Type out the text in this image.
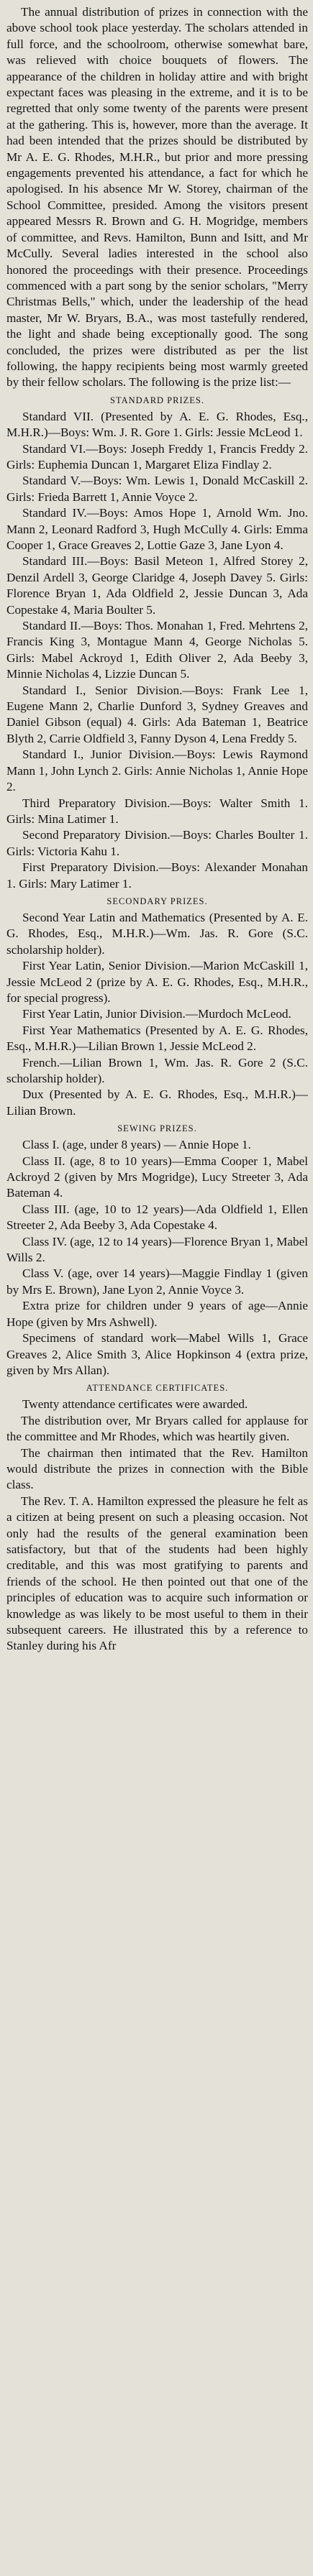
The annual distribution of prizes in connection with the above school took place yesterday. The scholars attended in full force, and the schoolroom, otherwise somewhat bare, was relieved with choice bouquets of flowers. The appearance of the children in holiday attire and with bright expectant faces was pleasing in the extreme, and it is to be regretted that only some twenty of the parents were present at the gathering. This is, however, more than the average. It had been intended that the prizes should be distributed by Mr A. E. G. Rhodes, M.H.R., but prior and more pressing engagements prevented his attendance, a fact for which he apologised. In his absence Mr W. Storey, chairman of the School Committee, presided. Among the visitors present appeared Messrs R. Brown and G. H. Mogridge, members of committee, and Revs. Hamilton, Bunn and Isitt, and Mr McCully. Several ladies interested in the school also honored the proceedings with their presence. Proceedings commenced with a part song by the senior scholars, "Merry Christmas Bells," which, under the leadership of the head master, Mr W. Bryars, B.A., was most tastefully rendered, the light and shade being exceptionally good. The song concluded, the prizes were distributed as per the list following, the happy recipients being most warmly greeted by their fellow scholars. The following is the prize list:—

STANDARD PRIZES.

Standard VII. (Presented by A. E. G. Rhodes, Esq., M.H.R.)—Boys: Wm. J. R. Gore 1. Girls: Jessie McLeod 1.

Standard VI.—Boys: Joseph Freddy 1, Francis Freddy 2. Girls: Euphemia Duncan 1, Margaret Eliza Findlay 2.

Standard V.—Boys: Wm. Lewis 1, Donald McCaskill 2. Girls: Frieda Barrett 1, Annie Voyce 2.

Standard IV.—Boys: Amos Hope 1, Arnold Wm. Jno. Mann 2, Leonard Radford 3, Hugh McCully 4. Girls: Emma Cooper 1, Grace Greaves 2, Lottie Gaze 3, Jane Lyon 4.

Standard III.—Boys: Basil Meteon 1, Alfred Storey 2, Denzil Ardell 3, George Claridge 4, Joseph Davey 5. Girls: Florence Bryan 1, Ada Oldfield 2, Jessie Duncan 3, Ada Copestake 4, Maria Boulter 5.

Standard II.—Boys: Thos. Monahan 1, Fred. Mehrtens 2, Francis King 3, Montague Mann 4, George Nicholas 5. Girls: Mabel Ackroyd 1, Edith Oliver 2, Ada Beeby 3, Minnie Nicholas 4, Lizzie Duncan 5.

Standard I., Senior Division.—Boys: Frank Lee 1, Eugene Mann 2, Charlie Dunford 3, Sydney Greaves and Daniel Gibson (equal) 4. Girls: Ada Bateman 1, Beatrice Blyth 2, Carrie Oldfield 3, Fanny Dyson 4, Lena Freddy 5.

Standard I., Junior Division.—Boys: Lewis Raymond Mann 1, John Lynch 2. Girls: Annie Nicholas 1, Annie Hope 2.

Third Preparatory Division.—Boys: Walter Smith 1. Girls: Mina Latimer 1.

Second Preparatory Division.—Boys: Charles Boulter 1. Girls: Victoria Kahu 1.

First Preparatory Division.—Boys: Alexander Monahan 1. Girls: Mary Latimer 1.

SECONDARY PRIZES.

Second Year Latin and Mathematics (Presented by A. E. G. Rhodes, Esq., M.H.R.)—Wm. Jas. R. Gore (S.C. scholarship holder).

First Year Latin, Senior Division.—Marion McCaskill 1, Jessie McLeod 2 (prize by A. E. G. Rhodes, Esq., M.H.R., for special progress).

First Year Latin, Junior Division.—Murdoch McLeod.

First Year Mathematics (Presented by A. E. G. Rhodes, Esq., M.H.R.)—Lilian Brown 1, Jessie McLeod 2.

French.—Lilian Brown 1, Wm. Jas. R. Gore 2 (S.C. scholarship holder).

Dux (Presented by A. E. G. Rhodes, Esq., M.H.R.)—Lilian Brown.

SEWING PRIZES.

Class I. (age, under 8 years) — Annie Hope 1.

Class II. (age, 8 to 10 years)—Emma Cooper 1, Mabel Ackroyd 2 (given by Mrs Mogridge), Lucy Streeter 3, Ada Bateman 4.

Class III. (age, 10 to 12 years)—Ada Oldfield 1, Ellen Streeter 2, Ada Beeby 3, Ada Copestake 4.

Class IV. (age, 12 to 14 years)—Florence Bryan 1, Mabel Wills 2.

Class V. (age, over 14 years)—Maggie Findlay 1 (given by Mrs E. Brown), Jane Lyon 2, Annie Voyce 3.

Extra prize for children under 9 years of age—Annie Hope (given by Mrs Ashwell).

Specimens of standard work—Mabel Wills 1, Grace Greaves 2, Alice Smith 3, Alice Hopkinson 4 (extra prize, given by Mrs Allan).

ATTENDANCE CERTIFICATES.

Twenty attendance certificates were awarded.

The distribution over, Mr Bryars called for applause for the committee and Mr Rhodes, which was heartily given.

The chairman then intimated that the Rev. Hamilton would distribute the prizes in connection with the Bible class.

The Rev. T. A. Hamilton expressed the pleasure he felt as a citizen at being present on such a pleasing occasion. Not only had the results of the general examination been satisfactory, but that of the students had been highly creditable, and this was most gratifying to parents and friends of the school. He then pointed out that one of the principles of education was to acquire such information or knowledge as was likely to be most useful to them in their subsequent careers. He illustrated this by a reference to Stanley during his Afr
